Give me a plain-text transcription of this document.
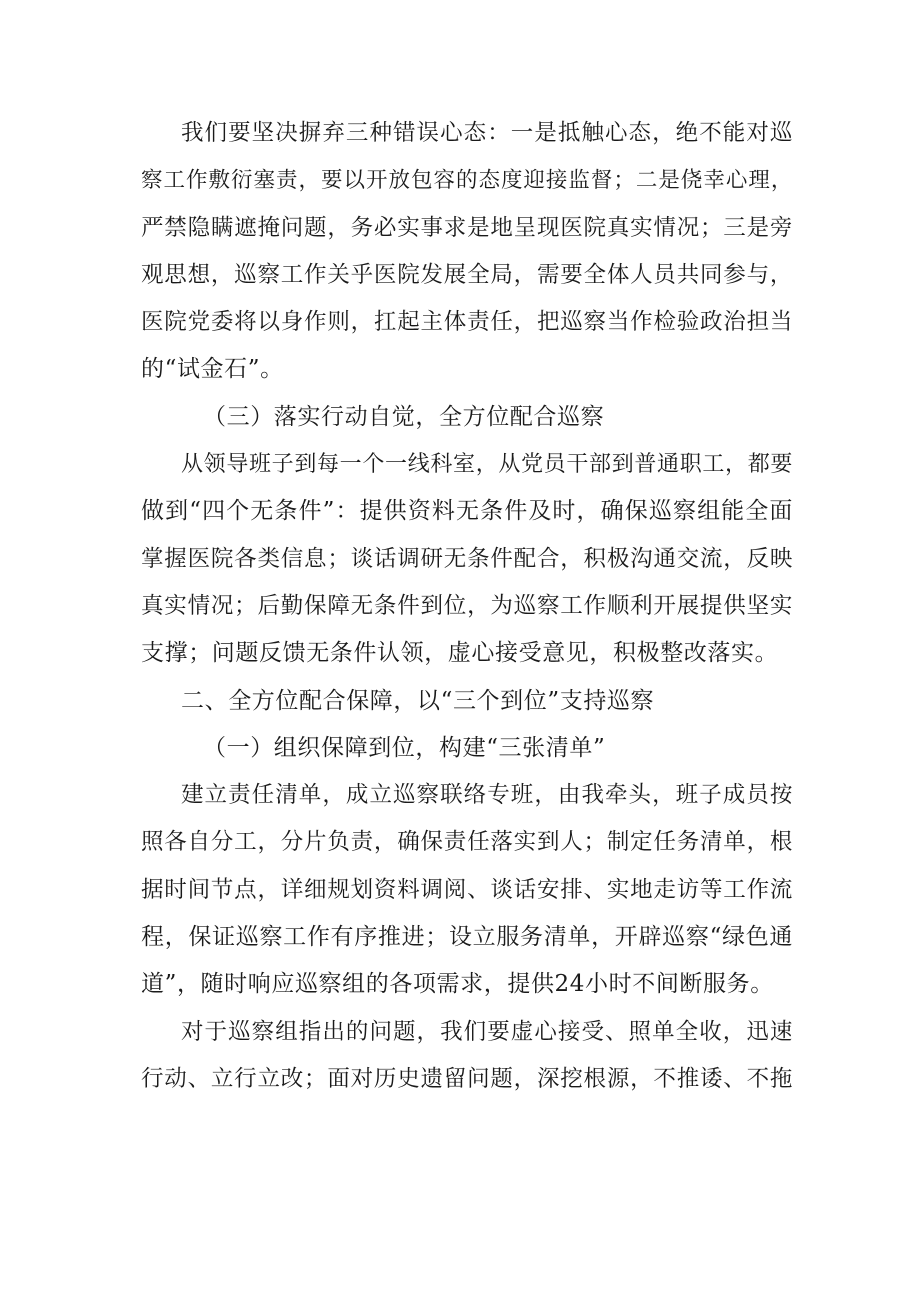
我们要坚决摒弃三种错误心态：一是抵触心态，绝不能对巡
察工作敷衍塞责，要以开放包容的态度迎接监督；二是侥幸心理，
严禁隐瞒遮掩问题，务必实事求是地呈现医院真实情况；三是旁
观思想，巡察工作关乎医院发展全局，需要全体人员共同参与，
医院党委将以身作则，扛起主体责任，把巡察当作检验政治担当
的“试金石”。
（三）落实行动自觉，全方位配合巡察
从领导班子到每一个一线科室，从党员干部到普通职工，都要
做到“四个无条件”：提供资料无条件及时，确保巡察组能全面
掌握医院各类信息；谈话调研无条件配合，积极沟通交流，反映
真实情况；后勤保障无条件到位，为巡察工作顺利开展提供坚实
支撑；问题反馈无条件认领，虚心接受意见，积极整改落实。
二、全方位配合保障，以“三个到位”支持巡察
（一）组织保障到位，构建“三张清单”
建立责任清单，成立巡察联络专班，由我牵头，班子成员按
照各自分工，分片负责，确保责任落实到人；制定任务清单，根
据时间节点，详细规划资料调阅、谈话安排、实地走访等工作流
程，保证巡察工作有序推进；设立服务清单，开辟巡察“绿色通
道”，随时响应巡察组的各项需求，提供24小时不间断服务。
对于巡察组指出的问题，我们要虚心接受、照单全收，迅速
行动、立行立改；面对历史遗留问题，深挖根源，不推诿、不拖
